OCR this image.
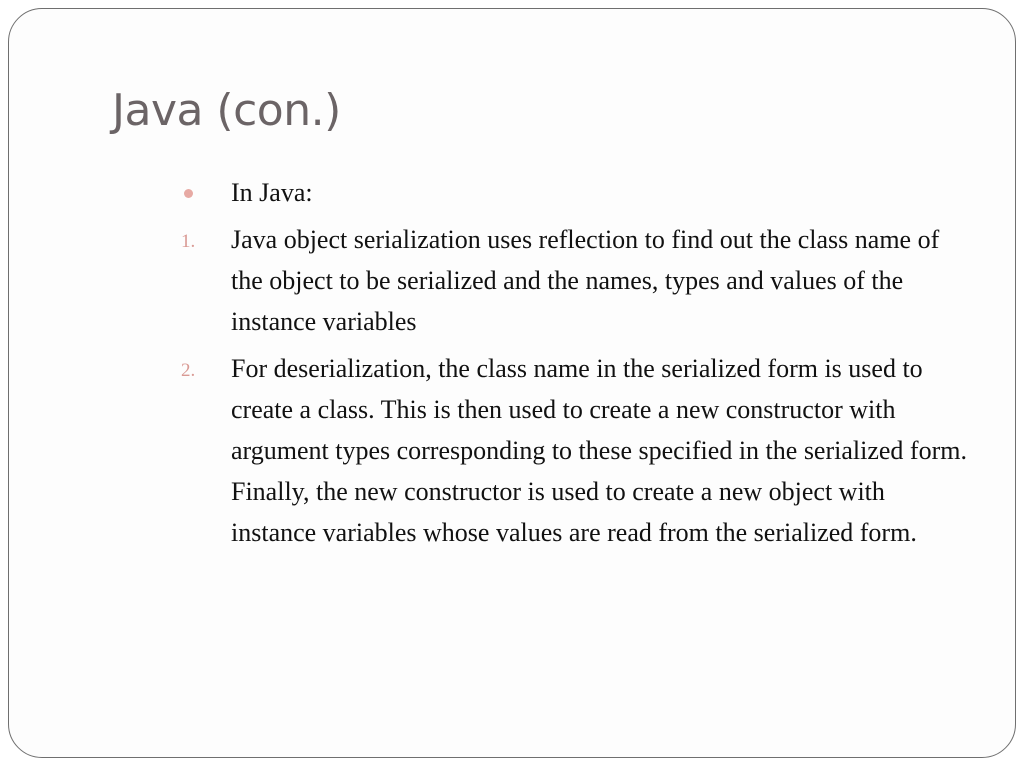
Java (con.)
In Java:
1. Java object serialization uses reflection to find out the class name of the object to be serialized and the names, types and values of the instance variables
2. For deserialization, the class name in the serialized form is used to create a class. This is then used to create a new constructor with argument types corresponding to these specified in the serialized form. Finally, the new constructor is used to create a new object with instance variables whose values are read from the serialized form.
